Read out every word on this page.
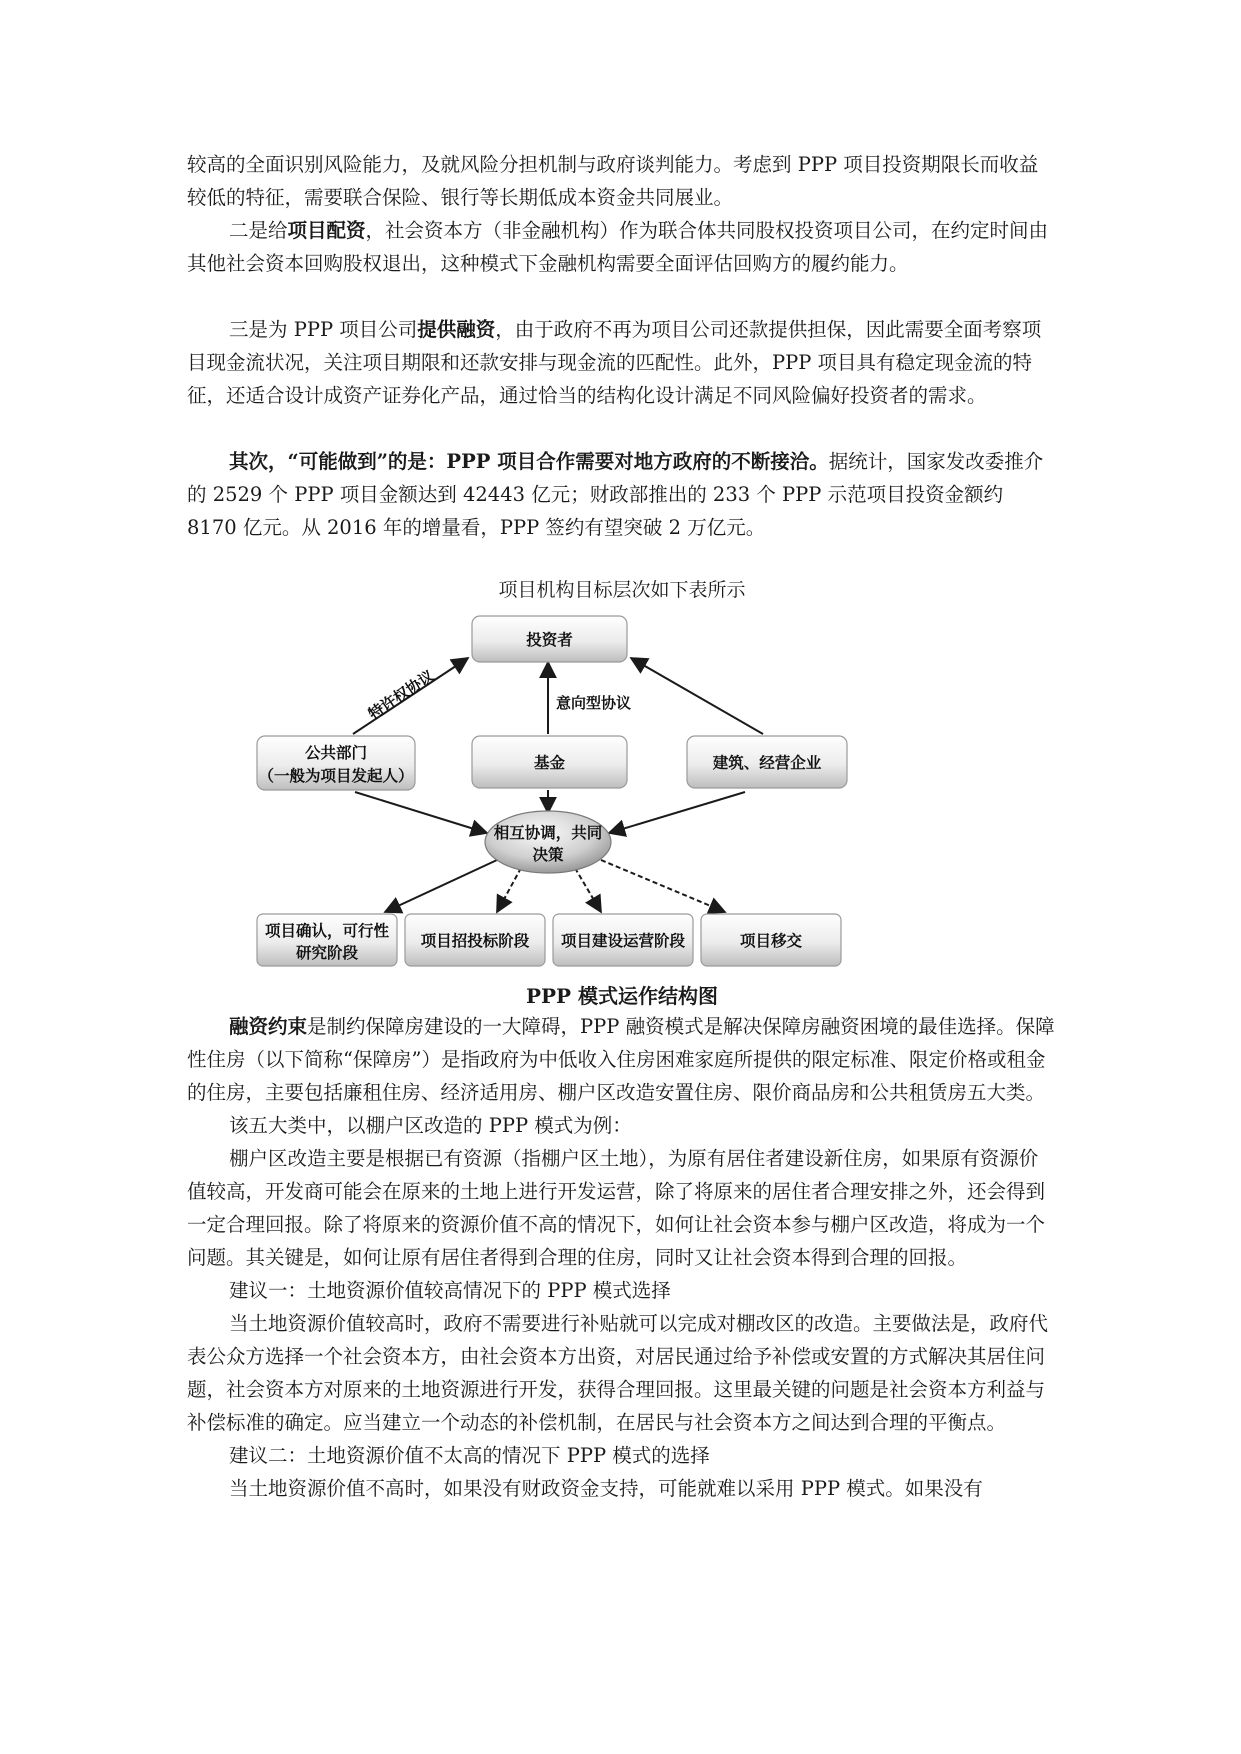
较高的全面识别风险能力，及就风险分担机制与政府谈判能力。考虑到 PPP 项目投资期限长而收益较低的特征，需要联合保险、银行等长期低成本资金共同展业。

二是给项目配资，社会资本方（非金融机构）作为联合体共同股权投资项目公司，在约定时间由其他社会资本回购股权退出，这种模式下金融机构需要全面评估回购方的履约能力。

三是为 PPP 项目公司提供融资，由于政府不再为项目公司还款提供担保，因此需要全面考察项目现金流状况，关注项目期限和还款安排与现金流的匹配性。此外，PPP 项目具有稳定现金流的特征，还适合设计成资产证券化产品，通过恰当的结构化设计满足不同风险偏好投资者的需求。

其次，“可能做到”的是：PPP 项目合作需要对地方政府的不断接洽。据统计，国家发改委推介的 2529 个 PPP 项目金额达到 42443 亿元；财政部推出的 233 个 PPP 示范项目投资金额约 8170 亿元。从 2016 年的增量看，PPP 签约有望突破 2 万亿元。

项目机构目标层次如下表所示
特许权协议	意向型协议
投资者
公共部门
（一般为项目发起人）
基金	建筑、经营企业
相互协调，共同
决策
项目确认，可行性
研究阶段
项目招投标阶段 项目建设运营阶段	项目移交
PPP 模式运作结构图

融资约束是制约保障房建设的一大障碍，PPP 融资模式是解决保障房融资困境的最佳选择。保障性住房（以下简称“保障房”）是指政府为中低收入住房困难家庭所提供的限定标准、限定价格或租金的住房，主要包括廉租住房、经济适用房、棚户区改造安置住房、限价商品房和公共租赁房五大类。

该五大类中，以棚户区改造的 PPP 模式为例：

棚户区改造主要是根据已有资源（指棚户区土地），为原有居住者建设新住房，如果原有资源价值较高，开发商可能会在原来的土地上进行开发运营，除了将原来的居住者合理安排之外，还会得到一定合理回报。除了将原来的资源价值不高的情况下，如何让社会资本参与棚户区改造，将成为一个问题。其关键是，如何让原有居住者得到合理的住房，同时又让社会资本得到合理的回报。

建议一：土地资源价值较高情况下的 PPP 模式选择

当土地资源价值较高时，政府不需要进行补贴就可以完成对棚改区的改造。主要做法是，政府代表公众方选择一个社会资本方，由社会资本方出资，对居民通过给予补偿或安置的方式解决其居住问题，社会资本方对原来的土地资源进行开发，获得合理回报。这里最关键的问题是社会资本方利益与补偿标准的确定。应当建立一个动态的补偿机制，在居民与社会资本方之间达到合理的平衡点。

建议二：土地资源价值不太高的情况下 PPP 模式的选择

当土地资源价值不高时，如果没有财政资金支持，可能就难以采用 PPP 模式。如果没有
